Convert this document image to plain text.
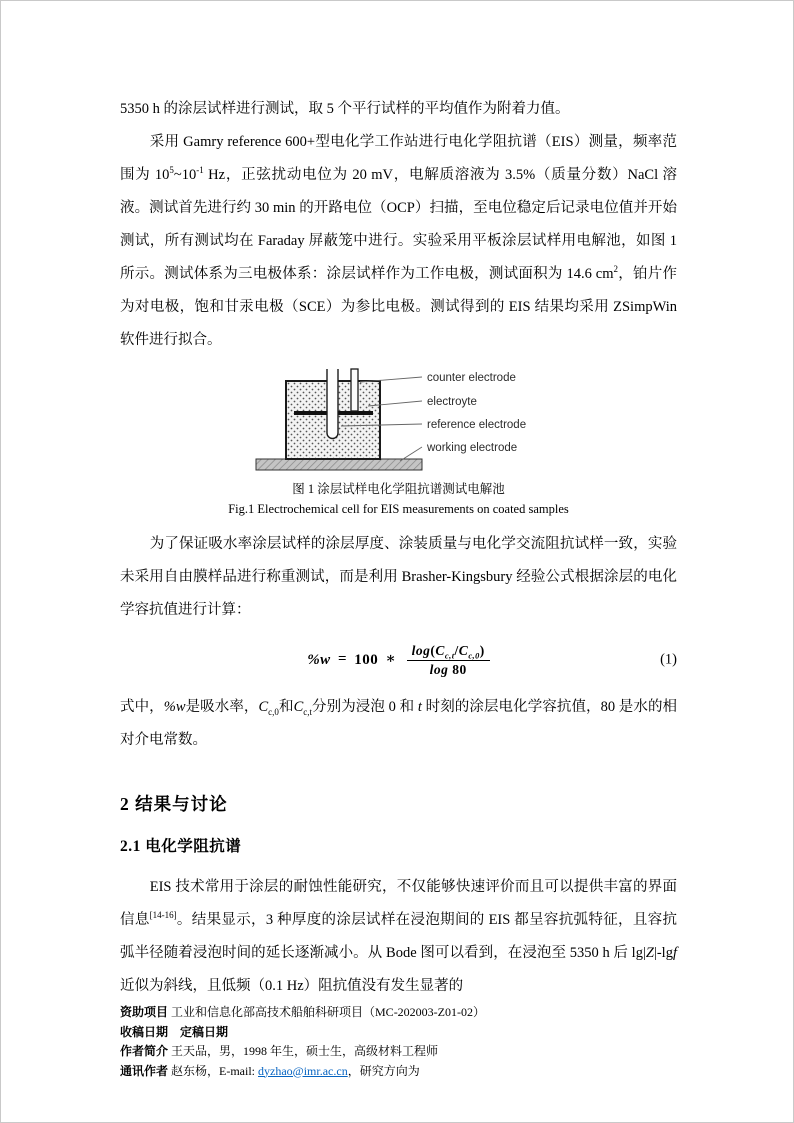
5350 h 的涂层试样进行测试，取 5 个平行试样的平均值作为附着力值。

采用 Gamry reference 600+型电化学工作站进行电化学阻抗谱（EIS）测量，频率范围为 $10^5\sim 10^{-1}$ Hz，正弦扰动电位为 20 mV，电解质溶液为 3.5%（质量分数）NaCl 溶液。测试首先进行约 30 min 的开路电位（OCP）扫描，至电位稳定后记录电位值并开始测试，所有测试均在 Faraday 屏蔽笼中进行。实验采用平板涂层试样用电解池，如图 1 所示。测试体系为三电极体系：涂层试样作为工作电极，测试面积为 14.6 $cm^2$，铂片作为对电极，饱和甘汞电极（SCE）为参比电极。测试得到的 EIS 结果均采用 ZSimpWin 软件进行拟合。

counter electrode
electroyte
reference electrode
working electrode
图 1 涂层试样电化学阻抗谱测试电解池
Fig.1 Electrochemical cell for EIS measurements on coated samples

为了保证吸水率涂层试样的涂层厚度、涂装质量与电化学交流阻抗试样一致，实验未采用自由膜样品进行称重测试，而是利用 Brasher-Kingsbury 经验公式根据涂层的电化学容抗值进行计算：

%w = 100 ∗ $\frac{\log(C_{c,t}/C_{c,0})}{\log 80}$	(1)

式中，%w是吸水率，$C_{c,0}$和$C_{c,t}$分别为浸泡 0 和 t 时刻的涂层电化学容抗值，80 是水的相对介电常数。

2 结果与讨论
2.1 电化学阻抗谱

EIS 技术常用于涂层的耐蚀性能研究，不仅能够快速评价而且可以提供丰富的界面信息[14-16]。结果显示，3 种厚度的涂层试样在浸泡期间的 EIS 都呈容抗弧特征，且容抗弧半径随着浸泡时间的延长逐渐减小。从 Bode 图可以看到，在浸泡至 5350 h 后 lg|Z|-lgf 近似为斜线，且低频（0.1 Hz）阻抗值没有发生显著的

资助项目 工业和信息化部高技术船舶科研项目（MC-202003-Z01-02）
收稿日期　 定稿日期
作者简介 王天品，男，1998 年生，硕士生，高级材料工程师
通讯作者 赵东杨，E-mail: dyzhao@imr.ac.cn，研究方向为
